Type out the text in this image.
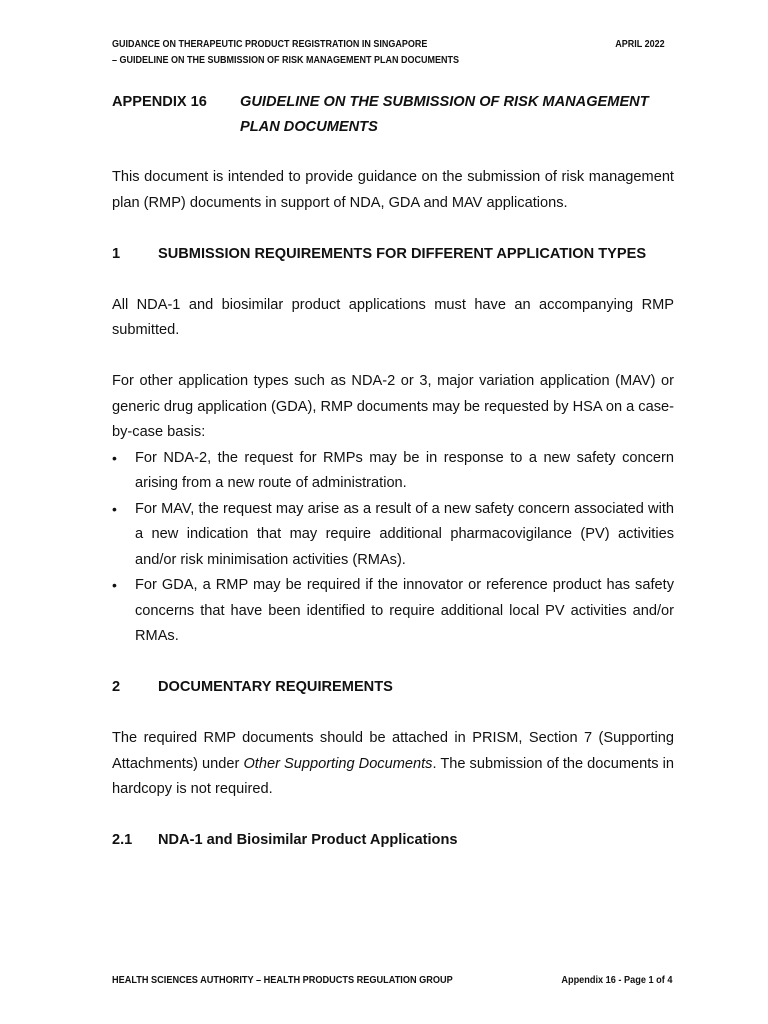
GUIDANCE ON THERAPEUTIC PRODUCT REGISTRATION IN SINGAPORE	APRIL 2022
– GUIDELINE ON THE SUBMISSION OF RISK MANAGEMENT PLAN DOCUMENTS
APPENDIX 16 GUIDELINE ON THE SUBMISSION OF RISK MANAGEMENT
PLAN DOCUMENTS

This document is intended to provide guidance on the submission of risk management plan (RMP) documents in support of NDA, GDA and MAV applications.

1	SUBMISSION REQUIREMENTS FOR DIFFERENT APPLICATION TYPES

All NDA-1 and biosimilar product applications must have an accompanying RMP submitted.

For other application types such as NDA-2 or 3, major variation application (MAV) or generic drug application (GDA), RMP documents may be requested by HSA on a case-by-case basis:

• For NDA-2, the request for RMPs may be in response to a new safety concern arising from a new route of administration.
• For MAV, the request may arise as a result of a new safety concern associated with a new indication that may require additional pharmacovigilance (PV) activities and/or risk minimisation activities (RMAs).
• For GDA, a RMP may be required if the innovator or reference product has safety concerns that have been identified to require additional local PV activities and/or RMAs.
2	DOCUMENTARY REQUIREMENTS

The required RMP documents should be attached in PRISM, Section 7 (Supporting Attachments) under Other Supporting Documents. The submission of the documents in hardcopy is not required.

2.1	NDA-1 and Biosimilar Product Applications
HEALTH SCIENCES AUTHORITY – HEALTH PRODUCTS REGULATION GROUP	Appendix 16 - Page 1 of 4
